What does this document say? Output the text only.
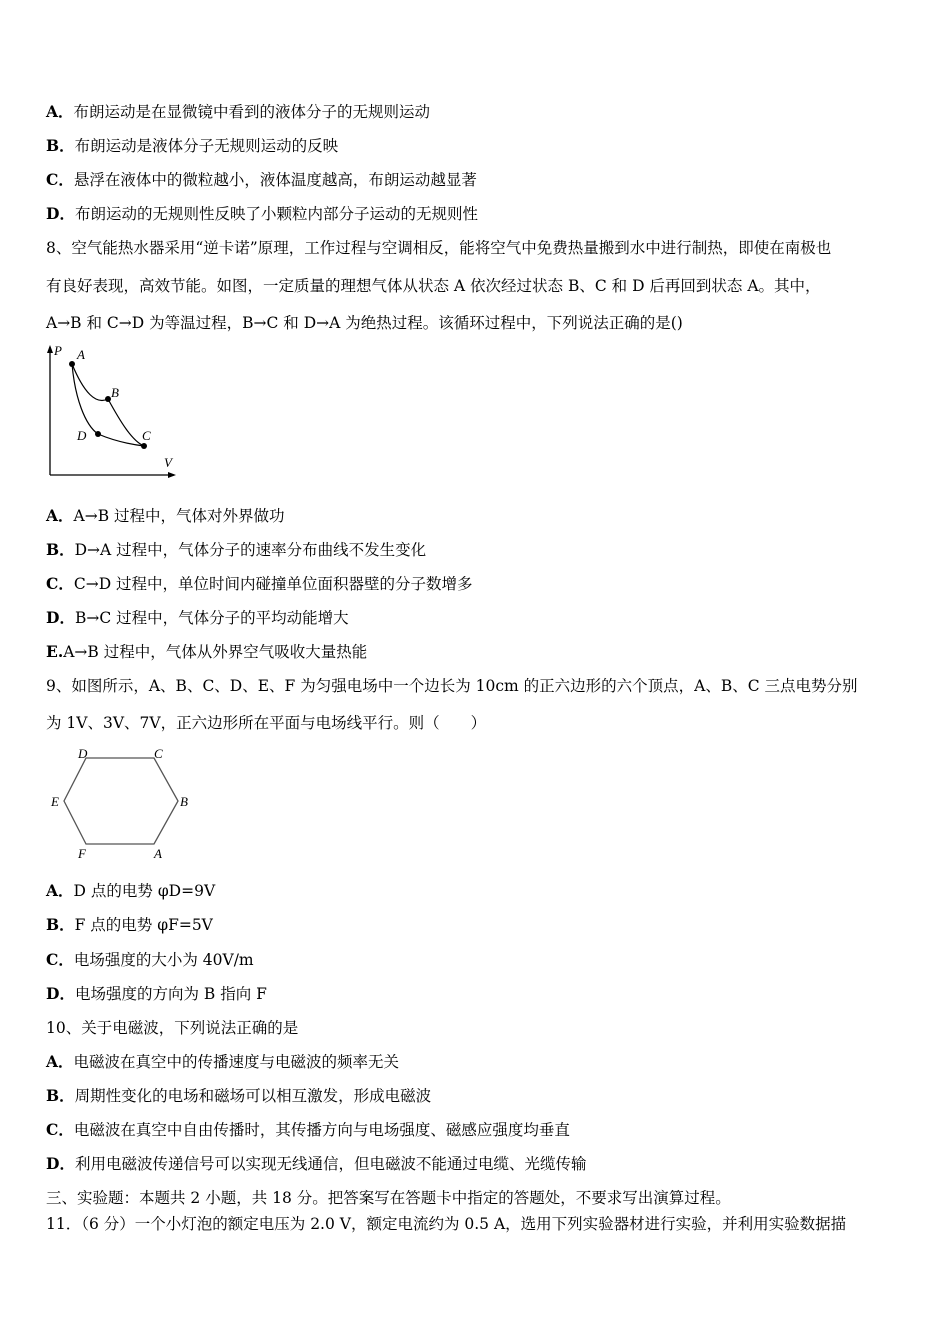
A．布朗运动是在显微镜中看到的液体分子的无规则运动
B．布朗运动是液体分子无规则运动的反映
C．悬浮在液体中的微粒越小，液体温度越高，布朗运动越显著
D．布朗运动的无规则性反映了小颗粒内部分子运动的无规则性
8、空气能热水器采用“逆卡诺”原理，工作过程与空调相反，能将空气中免费热量搬到水中进行制热，即使在南极也
有良好表现，高效节能。如图，一定质量的理想气体从状态 A 依次经过状态 B、C 和 D 后再回到状态 A。其中，
A→B 和 C→D 为等温过程，B→C 和 D→A 为绝热过程。该循环过程中，下列说法正确的是()
P
V
A
B
C
D
A．A→B 过程中，气体对外界做功
B．D→A 过程中，气体分子的速率分布曲线不发生变化
C．C→D 过程中，单位时间内碰撞单位面积器壁的分子数增多
D．B→C 过程中，气体分子的平均动能增大
E.A→B 过程中，气体从外界空气吸收大量热能
9、如图所示，A、B、C、D、E、F 为匀强电场中一个边长为 10cm 的正六边形的六个顶点，A、B、C 三点电势分别
为 1V、3V、7V，正六边形所在平面与电场线平行。则（　　）
A
B
C
D
E
F
A．D 点的电势 φD=9V
B．F 点的电势 φF=5V
C．电场强度的大小为 40V/m
D．电场强度的方向为 B 指向 F
10、关于电磁波，下列说法正确的是
A．电磁波在真空中的传播速度与电磁波的频率无关
B．周期性变化的电场和磁场可以相互激发，形成电磁波
C．电磁波在真空中自由传播时，其传播方向与电场强度、磁感应强度均垂直
D．利用电磁波传递信号可以实现无线通信，但电磁波不能通过电缆、光缆传输
三、实验题：本题共 2 小题，共 18 分。把答案写在答题卡中指定的答题处，不要求写出演算过程。
11．（6 分）一个小灯泡的额定电压为 2.0 V，额定电流约为 0.5 A，选用下列实验器材进行实验，并利用实验数据描
